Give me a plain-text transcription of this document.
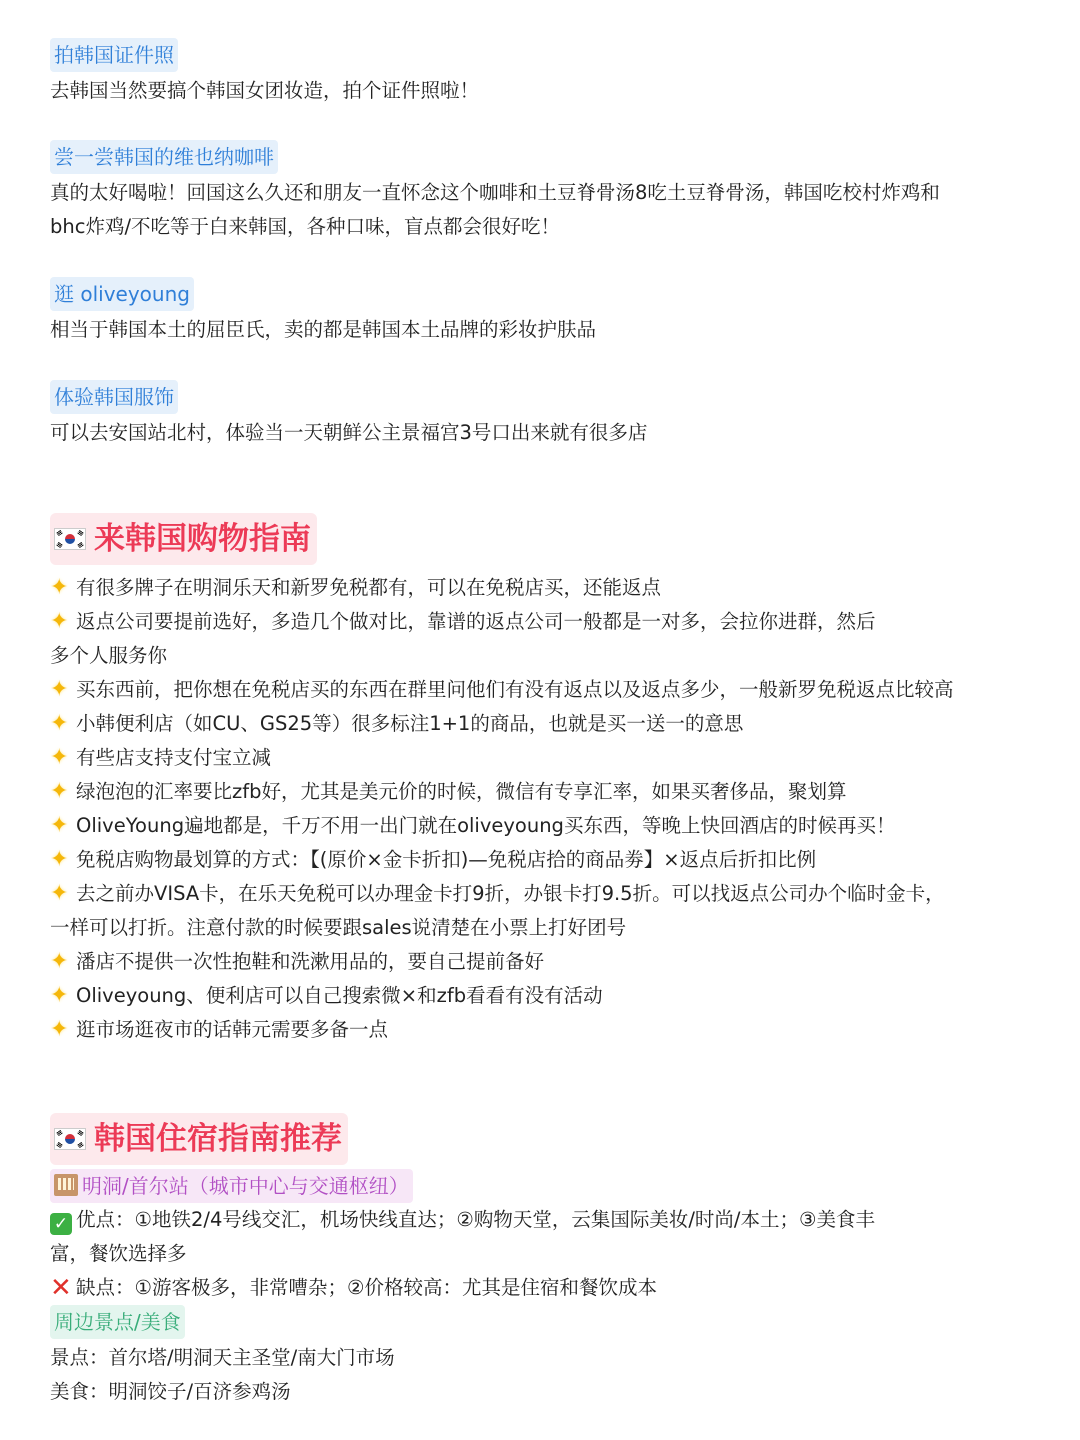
拍韩国证件照

去韩国当然要搞个韩国女团妆造，拍个证件照啦！

尝一尝韩国的维也纳咖啡

真的太好喝啦！回国这么久还和朋友一直怀念这个咖啡和土豆脊骨汤8吃土豆脊骨汤，韩国吃校村炸鸡和

bhc炸鸡/不吃等于白来韩国，各种口味，盲点都会很好吃！

逛 oliveyoung

相当于韩国本土的屈臣氏，卖的都是韩国本土品牌的彩妆护肤品

体验韩国服饰

可以去安国站北村，体验当一天朝鲜公主景福宫3号口出来就有很多店

来韩国购物指南
✦ 有很多牌子在明洞乐天和新罗免税都有，可以在免税店买，还能返点
✦ 返点公司要提前选好，多造几个做对比，靠谱的返点公司一般都是一对多，会拉你进群，然后
多个人服务你
✦ 买东西前，把你想在免税店买的东西在群里问他们有没有返点以及返点多少，一般新罗免税返点比较高
✦ 小韩便利店（如CU、GS25等）很多标注1+1的商品，也就是买一送一的意思
✦ 有些店支持支付宝立减
✦ 绿泡泡的汇率要比zfb好，尤其是美元价的时候，微信有专享汇率，如果买奢侈品，聚划算
✦ OliveYoung遍地都是，千万不用一出门就在oliveyoung买东西，等晚上快回酒店的时候再买！
✦ 免税店购物最划算的方式：【(原价×金卡折扣)—免税店拾的商品劵】×返点后折扣比例
✦ 去之前办VISA卡，在乐天免税可以办理金卡打9折，办银卡打9.5折。可以找返点公司办个临时金卡，
一样可以打折。注意付款的时候要跟sales说清楚在小票上打好团号
✦ 潘店不提供一次性抱鞋和洗漱用品的，要自己提前备好
✦ Oliveyoung、便利店可以自己搜索微×和zfb看看有没有活动
✦ 逛市场逛夜市的话韩元需要多备一点
韩国住宿指南推荐
明洞/首尔站（城市中心与交通枢纽）

✓ 优点：①地铁2/4号线交汇，机场快线直达；②购物天堂，云集国际美妆/时尚/本土；③美食丰

富，餐饮选择多

✕ 缺点：①游客极多，非常嘈杂；②价格较高：尤其是住宿和餐饮成本

周边景点/美食

景点：首尔塔/明洞天主圣堂/南大门市场

美食：明洞饺子/百济参鸡汤
